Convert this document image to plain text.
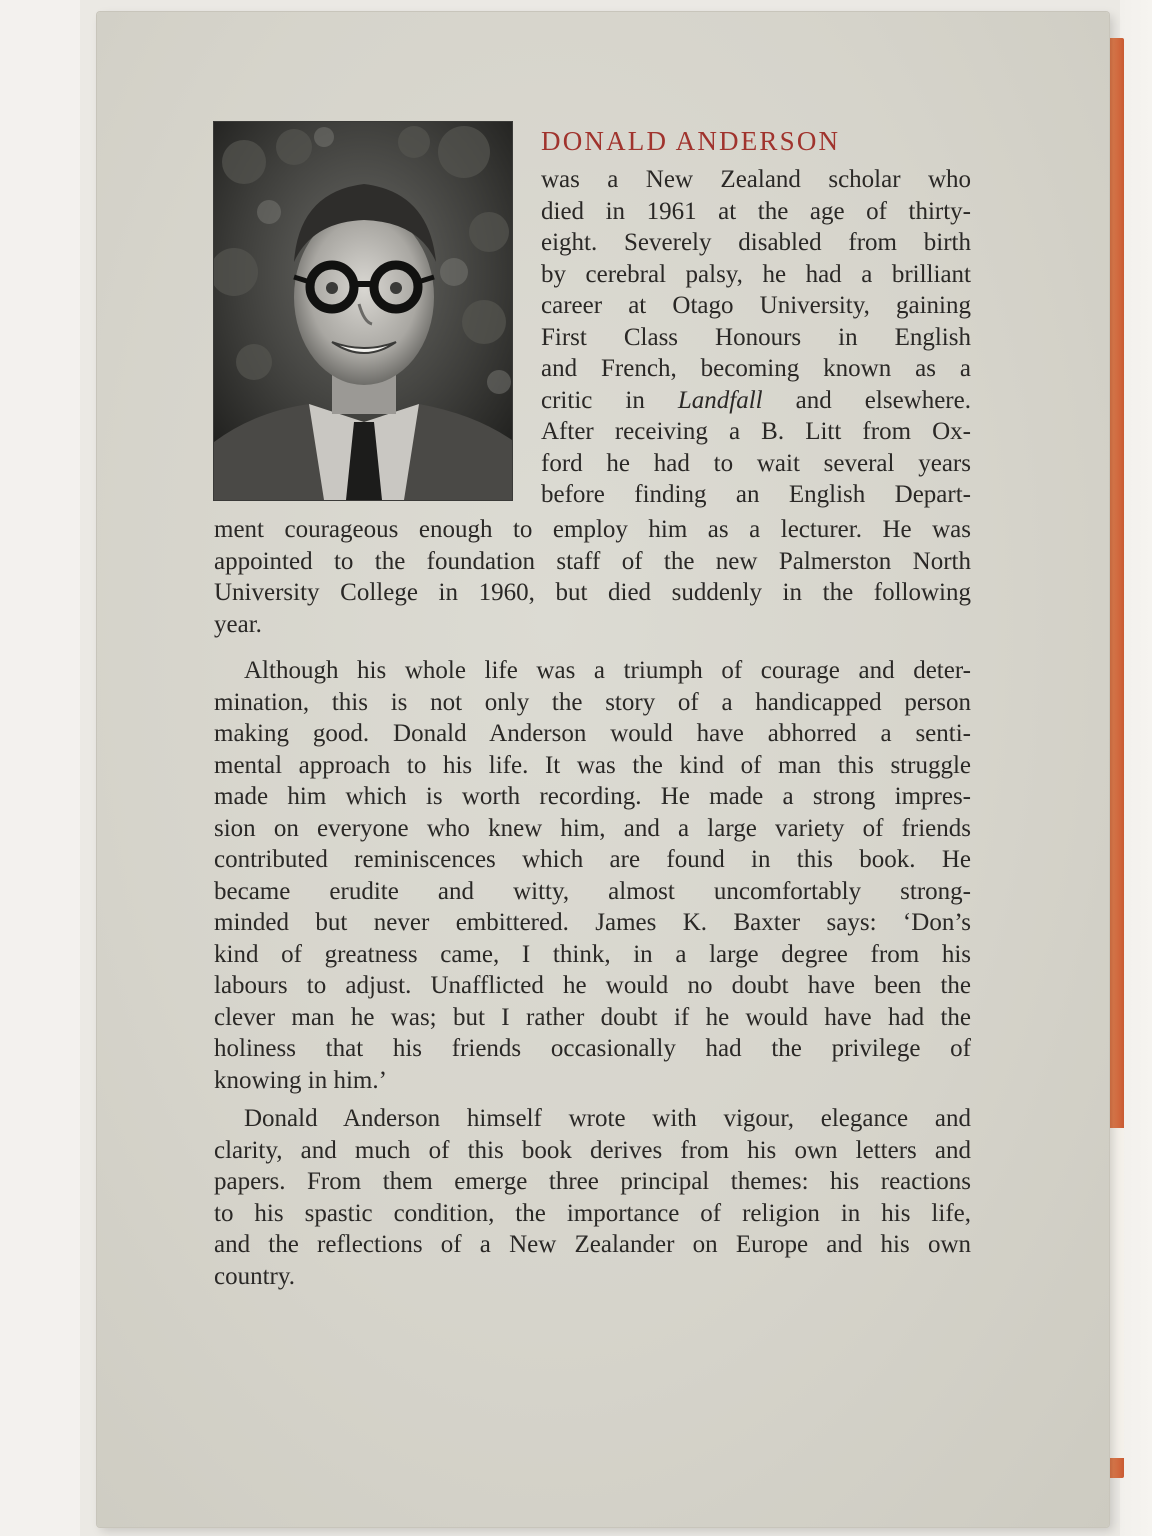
DONALD ANDERSON
was a New Zealand scholar who
died in 1961 at the age of thirty-
eight. Severely disabled from birth
by cerebral palsy, he had a brilliant
career at Otago University, gaining
First Class Honours in English
and French, becoming known as a
critic in Landfall and elsewhere.
After receiving a B. Litt from Ox-
ford he had to wait several years
before finding an English Depart-
ment courageous enough to employ him as a lecturer. He was
appointed to the foundation staff of the new Palmerston North
University College in 1960, but died suddenly in the following
year.
Although his whole life was a triumph of courage and deter-
mination, this is not only the story of a handicapped person
making good. Donald Anderson would have abhorred a senti-
mental approach to his life. It was the kind of man this struggle
made him which is worth recording. He made a strong impres-
sion on everyone who knew him, and a large variety of friends
contributed reminiscences which are found in this book. He
became erudite and witty, almost uncomfortably strong-
minded but never embittered. James K. Baxter says: ‘Don’s
kind of greatness came, I think, in a large degree from his
labours to adjust. Unafflicted he would no doubt have been the
clever man he was; but I rather doubt if he would have had the
holiness that his friends occasionally had the privilege of
knowing in him.’
Donald Anderson himself wrote with vigour, elegance and
clarity, and much of this book derives from his own letters and
papers. From them emerge three principal themes: his reactions
to his spastic condition, the importance of religion in his life,
and the reflections of a New Zealander on Europe and his own
country.
